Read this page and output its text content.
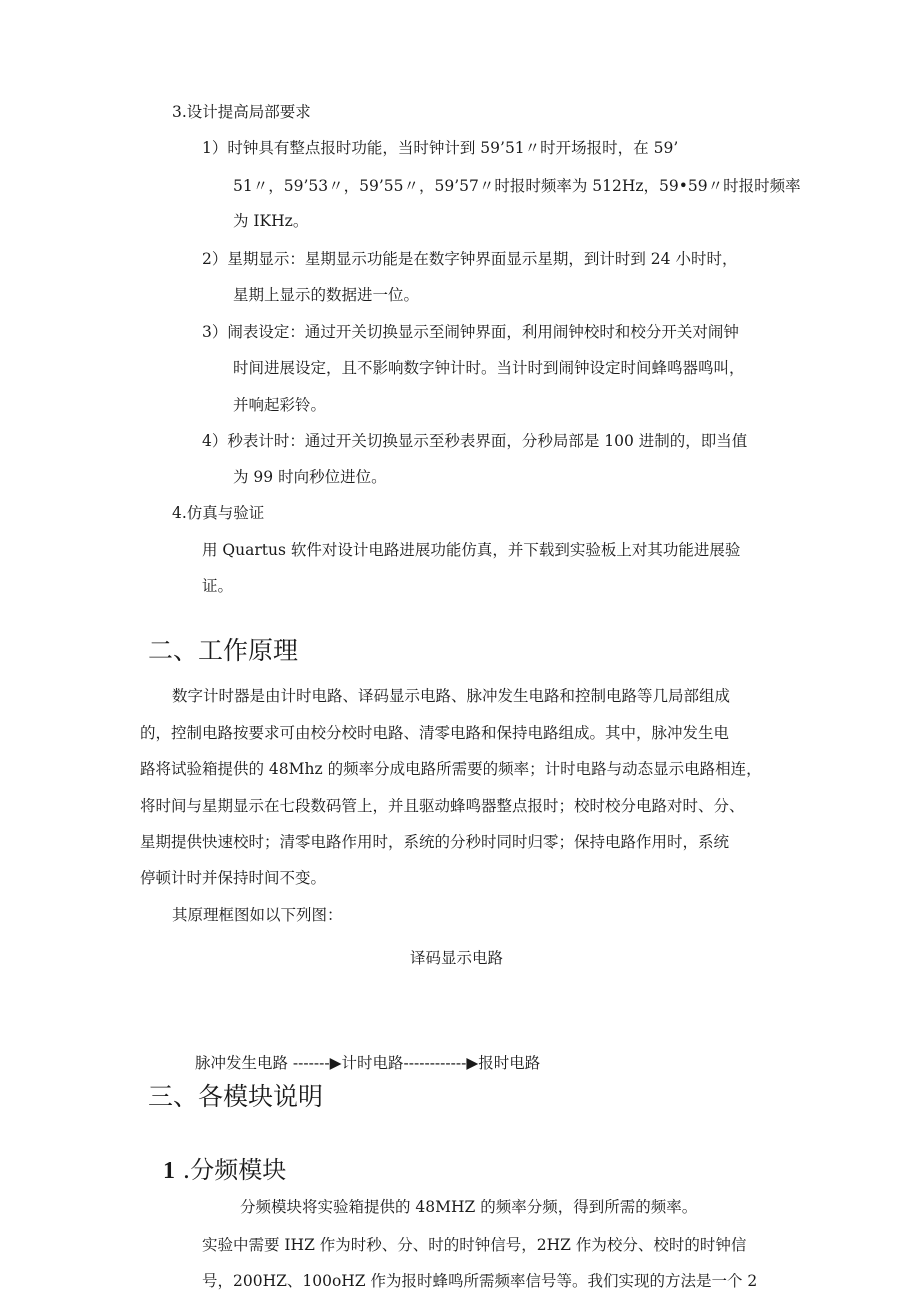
3.设计提高局部要求
1）时钟具有整点报时功能，当时钟计到 59’51〃时开场报时，在 59’
51〃，59’53〃，59’55〃，59’57〃时报时频率为 512Hz，59•59〃时报时频率
为 IKHz。
2）星期显示：星期显示功能是在数字钟界面显示星期，到计时到 24 小时时，
星期上显示的数据进一位。
3）闹表设定：通过开关切换显示至闹钟界面，利用闹钟校时和校分开关对闹钟
时间进展设定，且不影响数字钟计时。当计时到闹钟设定时间蜂鸣器鸣叫，
并响起彩铃。
4）秒表计时：通过开关切换显示至秒表界面，分秒局部是 100 进制的，即当值
为 99 时向秒位进位。
4.仿真与验证
用 Quartus 软件对设计电路进展功能仿真，并下载到实验板上对其功能进展验
证。
二、工作原理
数字计时器是由计时电路、译码显示电路、脉冲发生电路和控制电路等几局部组成
的，控制电路按要求可由校分校时电路、清零电路和保持电路组成。其中，脉冲发生电
路将试验箱提供的 48Mhz 的频率分成电路所需要的频率；计时电路与动态显示电路相连，
将时间与星期显示在七段数码管上，并且驱动蜂鸣器整点报时；校时校分电路对时、分、
星期提供快速校时；清零电路作用时，系统的分秒时同时归零；保持电路作用时，系统
停顿计时并保持时间不变。
其原理框图如以下列图：
译码显示电路
脉冲发生电路 -------▶计时电路------------▶报时电路
三、各模块说明
1 .分频模块
分频模块将实验箱提供的 48MHZ 的频率分频，得到所需的频率。
实验中需要 IHZ 作为时秒、分、时的时钟信号，2HZ 作为校分、校时的时钟信
号，200HZ、100oHZ 作为报时蜂鸣所需频率信号等。我们实现的方法是一个 2
